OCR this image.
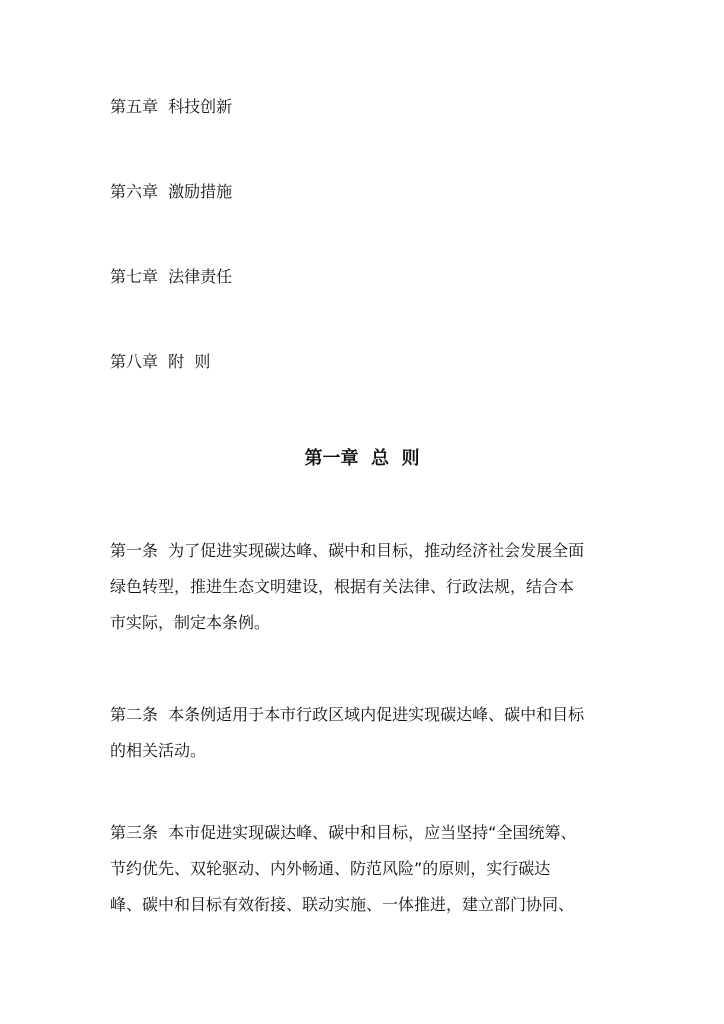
第五章  科技创新
第六章  激励措施
第七章  法律责任
第八章  附  则
第一章  总  则
第一条  为了促进实现碳达峰、碳中和目标，推动经济社会发展全面
绿色转型，推进生态文明建设，根据有关法律、行政法规，结合本
市实际，制定本条例。
第二条  本条例适用于本市行政区域内促进实现碳达峰、碳中和目标
的相关活动。
第三条  本市促进实现碳达峰、碳中和目标，应当坚持“全国统筹、
节约优先、双轮驱动、内外畅通、防范风险”的原则，实行碳达
峰、碳中和目标有效衔接、联动实施、一体推进，建立部门协同、
